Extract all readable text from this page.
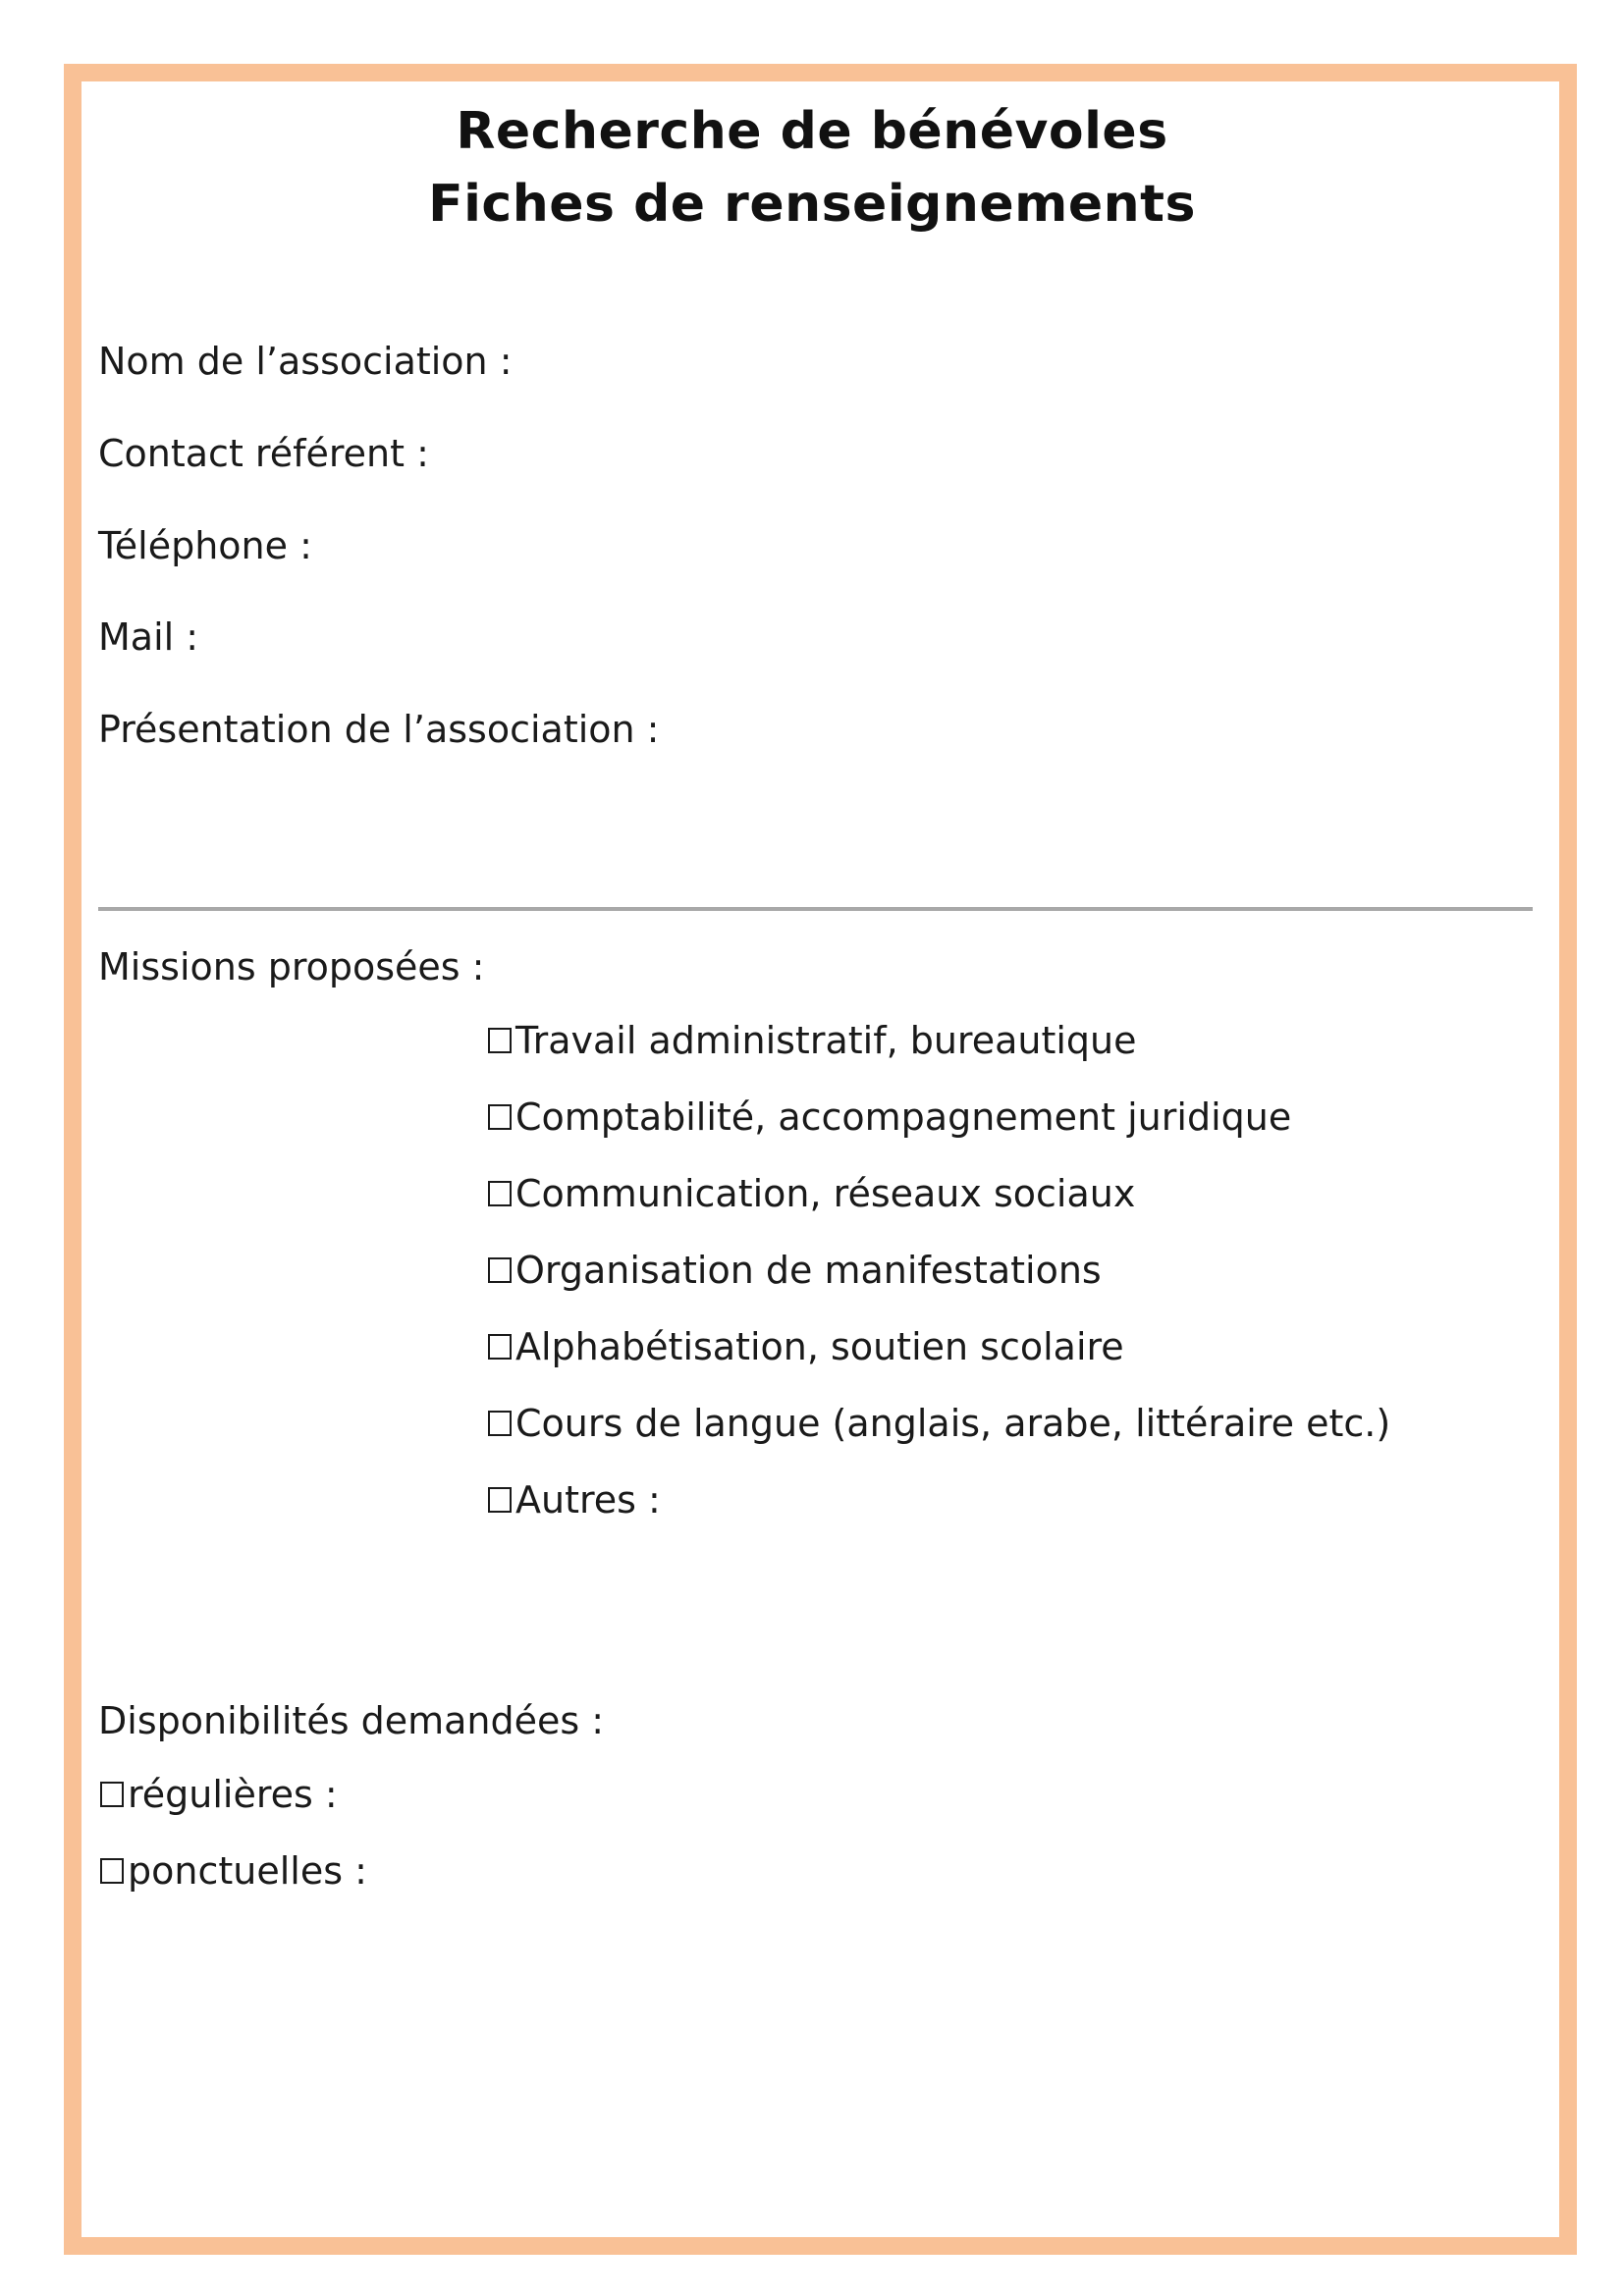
Recherche de bénévoles
Fiches de renseignements
Nom de l’association :
Contact référent :
Téléphone :
Mail :
Présentation de l’association :
Missions proposées :
Travail administratif, bureautique
Comptabilité, accompagnement juridique
Communication, réseaux sociaux
Organisation de manifestations
Alphabétisation, soutien scolaire
Cours de langue (anglais, arabe, littéraire etc.)
Autres :
Disponibilités demandées :
régulières :
ponctuelles :
